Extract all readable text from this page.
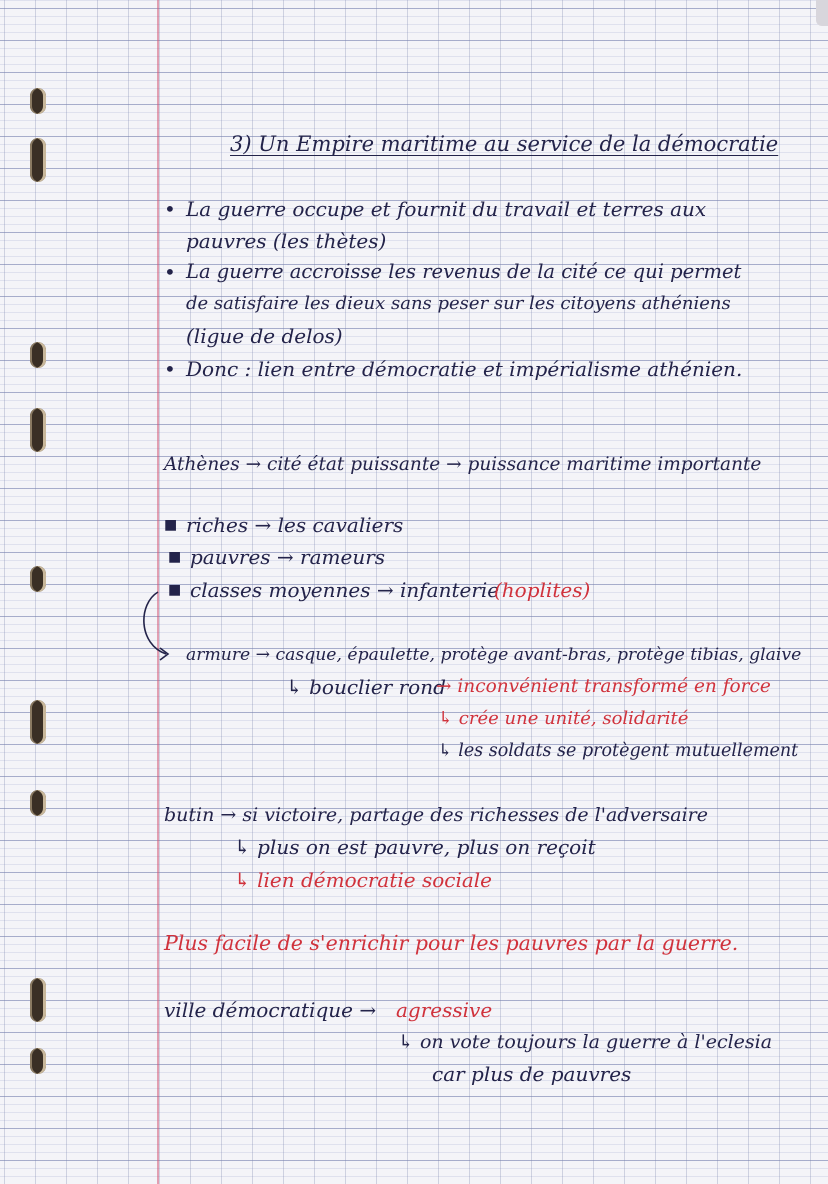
3) Un Empire maritime au service de la démocratie

• La guerre occupe et fournit du travail et terres aux

pauvres (les thètes)

• La guerre accroisse les revenus de la cité ce qui permet

de satisfaire les dieux sans peser sur les citoyens athéniens

(ligue de delos)

• Donc : lien entre démocratie et impérialisme athénien.

Athènes → cité état puissante → puissance maritime importante

■ riches → les cavaliers

■ pauvres → rameurs

■ classes moyennes → infanterie

(hoplites)

armure → casque, épaulette, protège avant-bras, protège tibias, glaive

↳ bouclier rond

→ inconvénient transformé en force

↳ crée une unité, solidarité

↳ les soldats se protègent mutuellement

butin → si victoire, partage des richesses de l'adversaire

↳ plus on est pauvre, plus on reçoit

↳ lien démocratie sociale

Plus facile de s'enrichir pour les pauvres par la guerre.

ville démocratique → agressive

↳ on vote toujours la guerre à l'eclesia

car plus de pauvres
